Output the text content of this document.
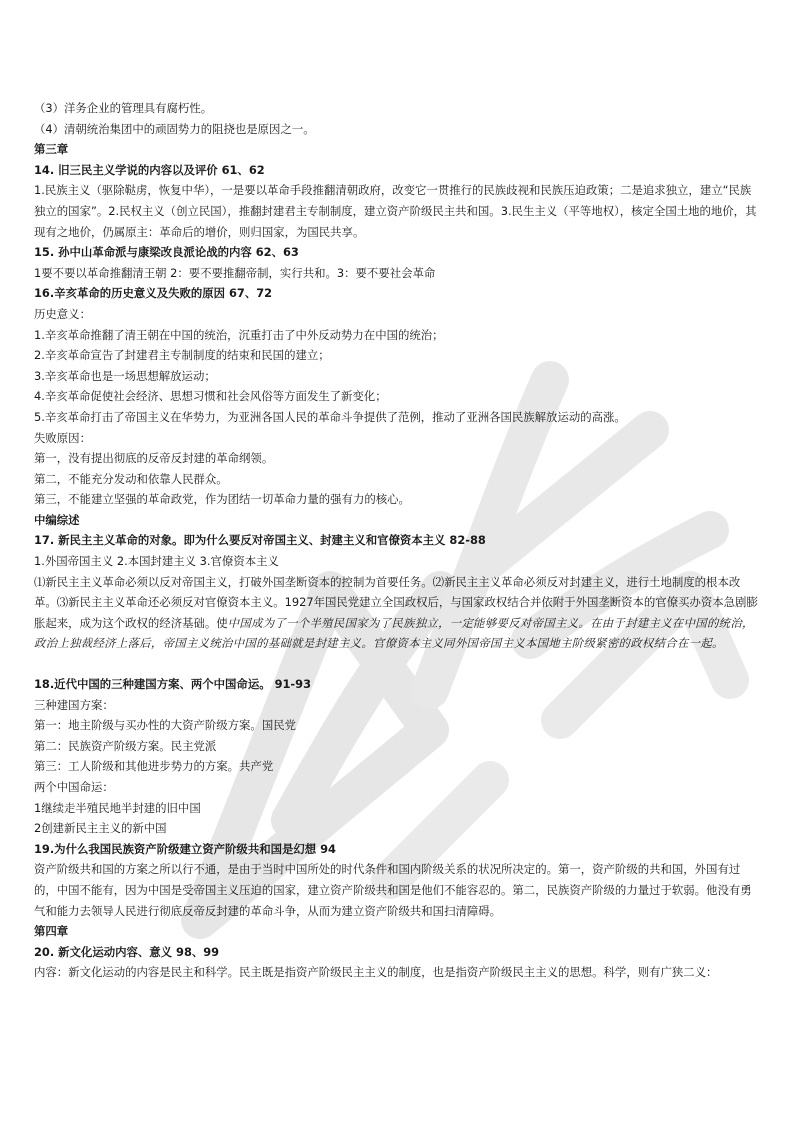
（3）洋务企业的管理具有腐朽性。

（4）清朝统治集团中的顽固势力的阻挠也是原因之一。

第三章

14. 旧三民主义学说的内容以及评价 61、62

1.民族主义（驱除鞑虏，恢复中华），一是要以革命手段推翻清朝政府，改变它一贯推行的民族歧视和民族压迫政策；二是追求独立，建立“民族独立的国家”。2.民权主义（创立民国），推翻封建君主专制制度，建立资产阶级民主共和国。3.民生主义（平等地权），核定全国土地的地价，其现有之地价，仍属原主：革命后的增价，则归国家，为国民共享。

15. 孙中山革命派与康梁改良派论战的内容 62、63

1要不要以革命推翻清王朝 2：要不要推翻帝制，实行共和。3：要不要社会革命

16.辛亥革命的历史意义及失败的原因 67、72

历史意义：

1.辛亥革命推翻了清王朝在中国的统治，沉重打击了中外反动势力在中国的统治；

2.辛亥革命宣告了封建君主专制制度的结束和民国的建立；

3.辛亥革命也是一场思想解放运动；

4.辛亥革命促使社会经济、思想习惯和社会风俗等方面发生了新变化；

5.辛亥革命打击了帝国主义在华势力，为亚洲各国人民的革命斗争提供了范例，推动了亚洲各国民族解放运动的高涨。

失败原因：

第一，没有提出彻底的反帝反封建的革命纲领。

第二，不能充分发动和依靠人民群众。

第三，不能建立坚强的革命政党，作为团结一切革命力量的强有力的核心。

中编综述

17. 新民主主义革命的对象。即为什么要反对帝国主义、封建主义和官僚资本主义 82-88

1.外国帝国主义 2.本国封建主义 3.官僚资本主义

⑴新民主主义革命必须以反对帝国主义，打破外国垄断资本的控制为首要任务。⑵新民主主义革命必须反对封建主义，进行土地制度的根本改革。⑶新民主主义革命还必须反对官僚资本主义。1927年国民党建立全国政权后，与国家政权结合并依附于外国垄断资本的官僚买办资本急剧膨胀起来，成为这个政权的经济基础。使中国成为了一个半殖民国家为了民族独立，一定能够要反对帝国主义。在由于封建主义在中国的统治，政治上独裁经济上落后，帝国主义统治中国的基础就是封建主义。官僚资本主义同外国帝国主义本国地主阶级紧密的政权结合在一起。

18.近代中国的三种建国方案、两个中国命运。 91-93

三种建国方案：

第一：地主阶级与买办性的大资产阶级方案。国民党

第二：民族资产阶级方案。民主党派

第三：工人阶级和其他进步势力的方案。共产党

两个中国命运：

1继续走半殖民地半封建的旧中国

2创建新民主主义的新中国

19.为什么我国民族资产阶级建立资产阶级共和国是幻想 94

资产阶级共和国的方案之所以行不通，是由于当时中国所处的时代条件和国内阶级关系的状况所决定的。第一，资产阶级的共和国，外国有过的，中国不能有，因为中国是受帝国主义压迫的国家，建立资产阶级共和国是他们不能容忍的。第二，民族资产阶级的力量过于软弱。他没有勇气和能力去领导人民进行彻底反帝反封建的革命斗争，从而为建立资产阶级共和国扫清障碍。

第四章

20. 新文化运动内容、意义 98、99

内容：新文化运动的内容是民主和科学。民主既是指资产阶级民主主义的制度，也是指资产阶级民主主义的思想。科学，则有广狭二义：
